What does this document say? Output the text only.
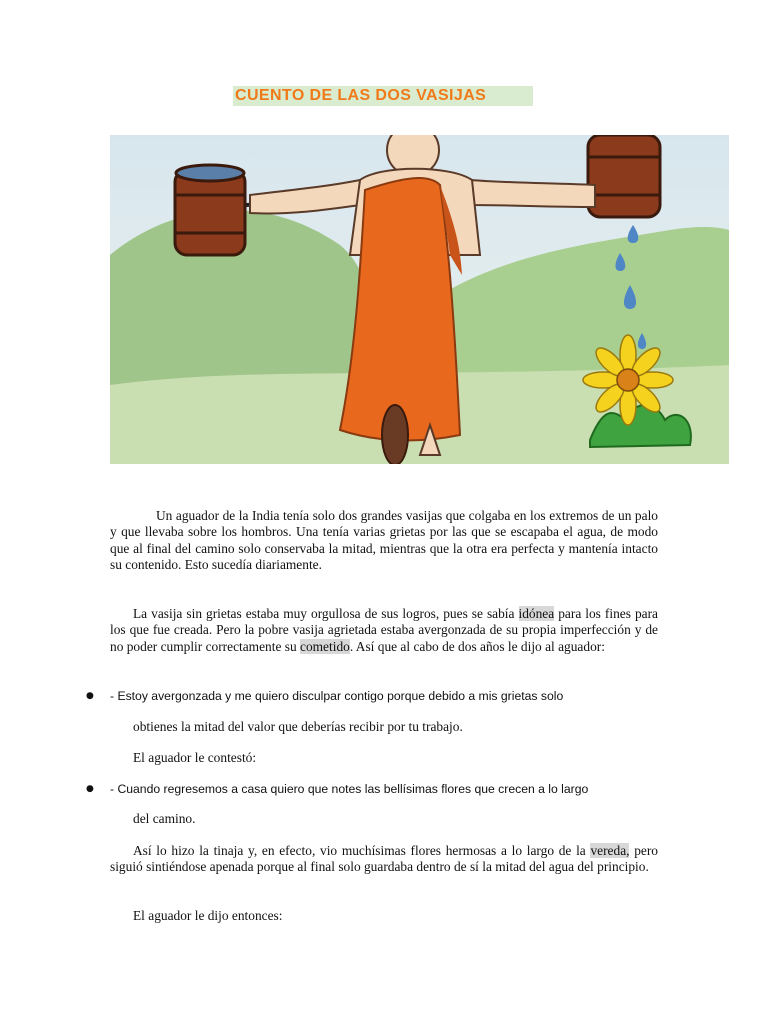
CUENTO DE LAS DOS VASIJAS

Un aguador de la India tenía solo dos grandes vasijas que colgaba en los extremos de un palo y que llevaba sobre los hombros. Una tenía varias grietas por las que se escapaba el agua, de modo que al final del camino solo conservaba la mitad, mientras que la otra era perfecta y mantenía intacto su contenido. Esto sucedía diariamente.

La vasija sin grietas estaba muy orgullosa de sus logros, pues se sabía idónea para los fines para los que fue creada. Pero la pobre vasija agrietada estaba avergonzada de su propia imperfección y de no poder cumplir correctamente su cometido. Así que al cabo de dos años le dijo al aguador:

● - Estoy avergonzada y me quiero disculpar contigo porque debido a mis grietas solo
obtienes la mitad del valor que deberías recibir por tu trabajo.
El aguador le contestó:
● - Cuando regresemos a casa quiero que notes las bellísimas flores que crecen a lo largo
del camino.

Así lo hizo la tinaja y, en efecto, vio muchísimas flores hermosas a lo largo de la vereda, pero siguió sintiéndose apenada porque al final solo guardaba dentro de sí la mitad del agua del principio.

El aguador le dijo entonces:
